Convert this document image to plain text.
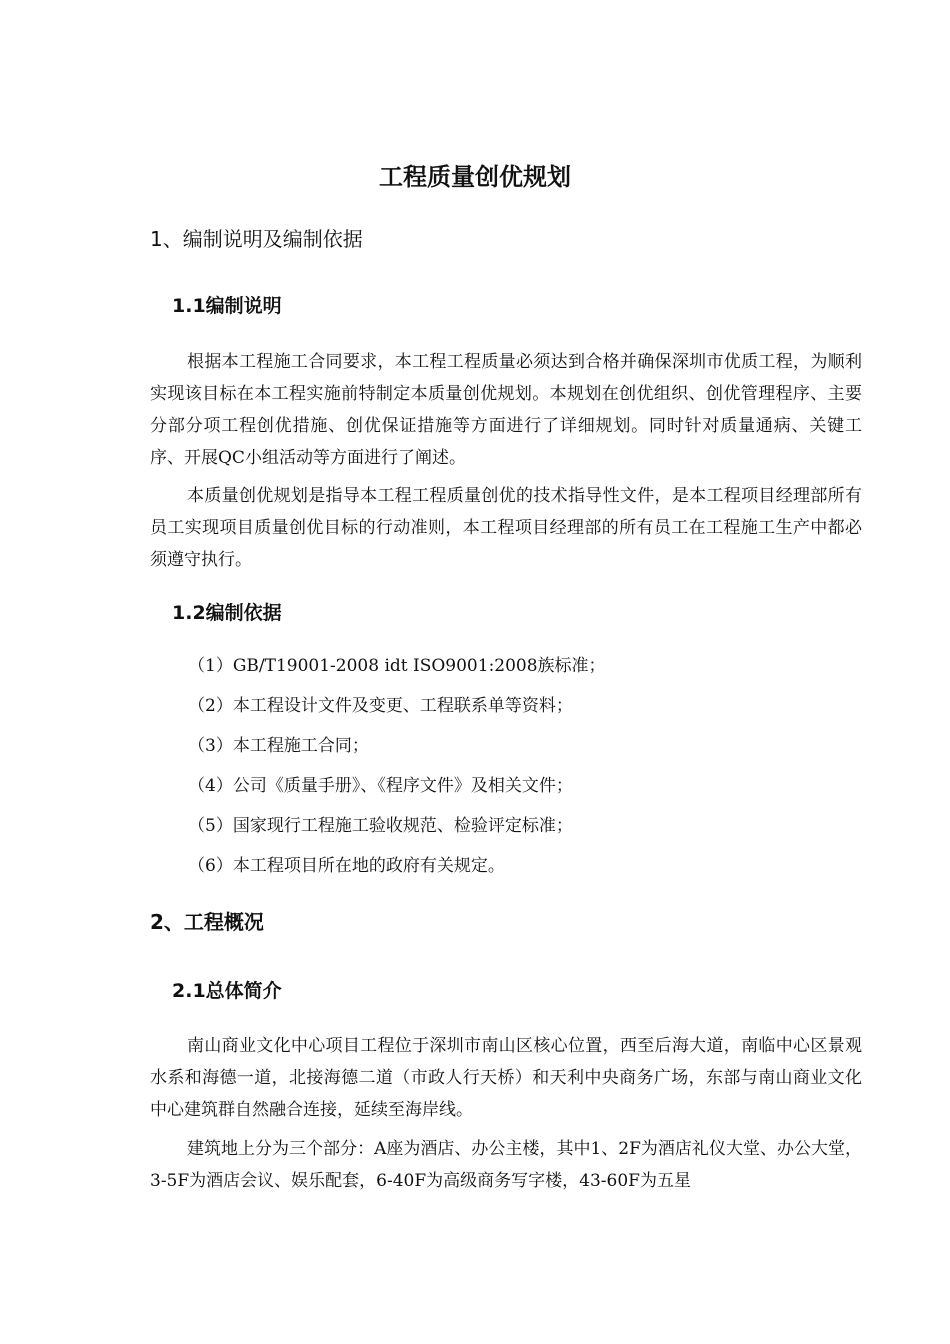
工程质量创优规划
1、编制说明及编制依据
1.1编制说明

根据本工程施工合同要求，本工程工程质量必须达到合格并确保深圳市优质工程，为顺利实现该目标在本工程实施前特制定本质量创优规划。本规划在创优组织、创优管理程序、主要分部分项工程创优措施、创优保证措施等方面进行了详细规划。同时针对质量通病、关键工序、开展QC小组活动等方面进行了阐述。

本质量创优规划是指导本工程工程质量创优的技术指导性文件，是本工程项目经理部所有员工实现项目质量创优目标的行动准则，本工程项目经理部的所有员工在工程施工生产中都必须遵守执行。

1.2编制依据

（1）GB/T19001-2008 idt ISO9001:2008族标准；

（2）本工程设计文件及变更、工程联系单等资料；

（3）本工程施工合同；

（4）公司《质量手册》、《程序文件》及相关文件；

（5）国家现行工程施工验收规范、检验评定标准；

（6）本工程项目所在地的政府有关规定。

2、工程概况
2.1总体简介

南山商业文化中心项目工程位于深圳市南山区核心位置，西至后海大道，南临中心区景观水系和海德一道，北接海德二道（市政人行天桥）和天利中央商务广场，东部与南山商业文化中心建筑群自然融合连接，延续至海岸线。

建筑地上分为三个部分：A座为酒店、办公主楼，其中1、2F为酒店礼仪大堂、办公大堂，3-5F为酒店会议、娱乐配套，6-40F为高级商务写字楼，43-60F为五星
